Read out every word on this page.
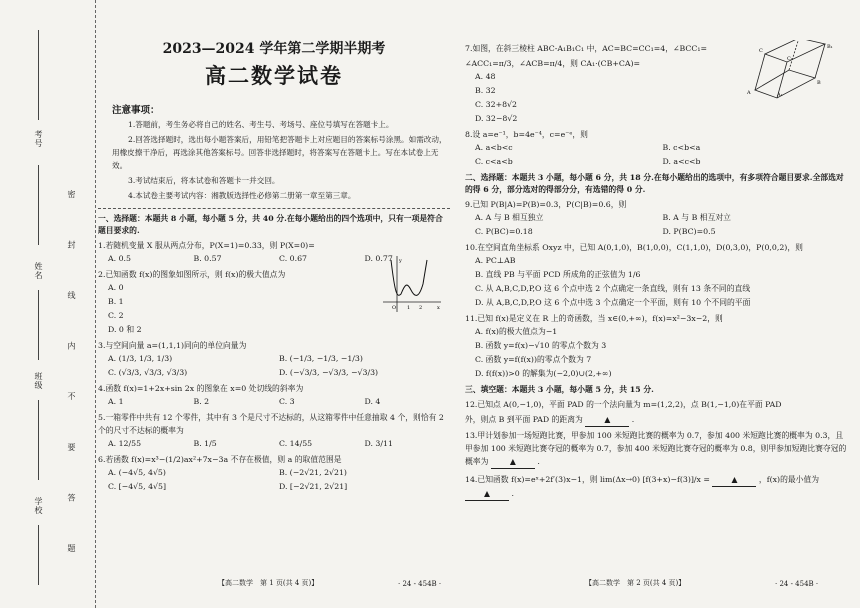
考号
姓名
班级
学校	密 封 线 内 不 要 答 题
2023—2024 学年第二学期半期考
高二数学试卷
注意事项：

1.答题前，考生务必将自己的姓名、考生号、考场号、座位号填写在答题卡上。

2.回答选择题时，选出每小题答案后，用铅笔把答题卡上对应题目的答案标号涂黑。如需改动，用橡皮擦干净后，再选涂其他答案标号。回答非选择题时，将答案写在答题卡上。写在本试卷上无效。

3.考试结束后，将本试卷和答题卡一并交回。

4.本试卷主要考试内容：湘教版选择性必修第二册第一章至第三章。

一、选择题：本题共 8 小题，每小题 5 分，共 40 分.在每小题给出的四个选项中，只有一项是符合题目要求的.
1.若随机变量 X 服从两点分布，P(X=1)=0.33，则 P(X=0)=
A. 0.5	B. 0.57	C. 0.67	D. 0.77
2.已知函数 f(x)的图象如图所示，则 f(x)的极大值点为
A. 0
B. 1
C. 2
D. 0 和 2
3.与空间向量 a=(1,1,1)同向的单位向量为
A. (1/3, 1/3, 1/3)	B. (−1/3, −1/3, −1/3)
C. (√3/3, √3/3, √3/3)	D. (−√3/3, −√3/3, −√3/3)
4.函数 f(x)=1+2x+sin 2x 的图象在 x=0 处切线的斜率为
A. 1	B. 2	C. 3	D. 4
5.一箱零件中共有 12 个零件，其中有 3 个是尺寸不达标的，从这箱零件中任意抽取 4 个，则恰有 2 个的尺寸不达标的概率为
A. 12/55	B. 1/5	C. 14/55	D. 3/11
6.若函数 f(x)=x³−(1/2)ax²+7x−3a 不存在极值，则 a 的取值范围是
A. (−4√5, 4√5)	B. (−2√21, 2√21)
C. [−4√5, 4√5]	D. [−2√21, 2√21]
y
O 1 2	x
【高二数学　第 1 页(共 4 页)】	· 24 - 454B ·
7.如图，在斜三棱柱 ABC-A₁B₁C₁ 中，AC=BC=CC₁=4，∠BCC₁=
∠ACC₁=π/3，∠ACB=π/4，则 CA₁·(CB+CA)=
A. 48
B. 32
C. 32+8√2
D. 32−8√2
A
B
C
A₁
B₁
C₁
8.设 a=e⁻¹，b=4e⁻⁴，c=e⁻ᵉ，则
A. a<b<c	B. c<b<a
C. c<a<b	D. a<c<b
二、选择题：本题共 3 小题，每小题 6 分，共 18 分.在每小题给出的选项中，有多项符合题目要求.全部选对的得 6 分，部分选对的得部分分，有选错的得 0 分.
9.已知 P(B|A)=P(B)=0.3，P(C|B)=0.6，则
A. A 与 B 相互独立	B. A 与 B 相互对立
C. P(BC)=0.18	D. P(BC)=0.5
10.在空间直角坐标系 Oxyz 中，已知 A(0,1,0)，B(1,0,0)，C(1,1,0)，D(0,3,0)，P(0,0,2)，则
A. PC⊥AB
B. 直线 PB 与平面 PCD 所成角的正弦值为 1/6
C. 从 A,B,C,D,P,O 这 6 个点中选 2 个点确定一条直线，则有 13 条不同的直线
D. 从 A,B,C,D,P,O 这 6 个点中选 3 个点确定一个平面，则有 10 个不同的平面
11.已知 f(x)是定义在 R 上的奇函数，当 x∈(0,+∞)，f(x)=x²−3x−2，则
A. f(x)的极大值点为−1
B. 函数 y=f(x)−√10 的零点个数为 3
C. 函数 y=f(f(x))的零点个数为 7
D. f(f(x))>0 的解集为(−2,0)∪(2,+∞)
三、填空题：本题共 3 小题，每小题 5 分，共 15 分.
12.已知点 A(0,−1,0)，平面 PAD 的一个法向量为 m=(1,2,2)，点 B(1,−1,0)在平面 PAD
外，则点 B 到平面 PAD 的距离为	▲	.
13.甲计划参加一场短跑比赛，甲参加 100 米短跑比赛的概率为 0.7，参加 400 米短跑比赛的概率为 0.3，且甲参加 100 米短跑比赛夺冠的概率为 0.7，参加 400 米短跑比赛夺冠的概率为 0.8，则甲参加短跑比赛夺冠的概率为	▲	.
14.已知函数 f(x)=eˣ+2f′(3)x−1，则 lim(Δx→0) [f(3+x)−f(3)]/x =	▲	，f(x)的最小值为 ▲	.
【高二数学　第 2 页(共 4 页)】	· 24 - 454B ·
